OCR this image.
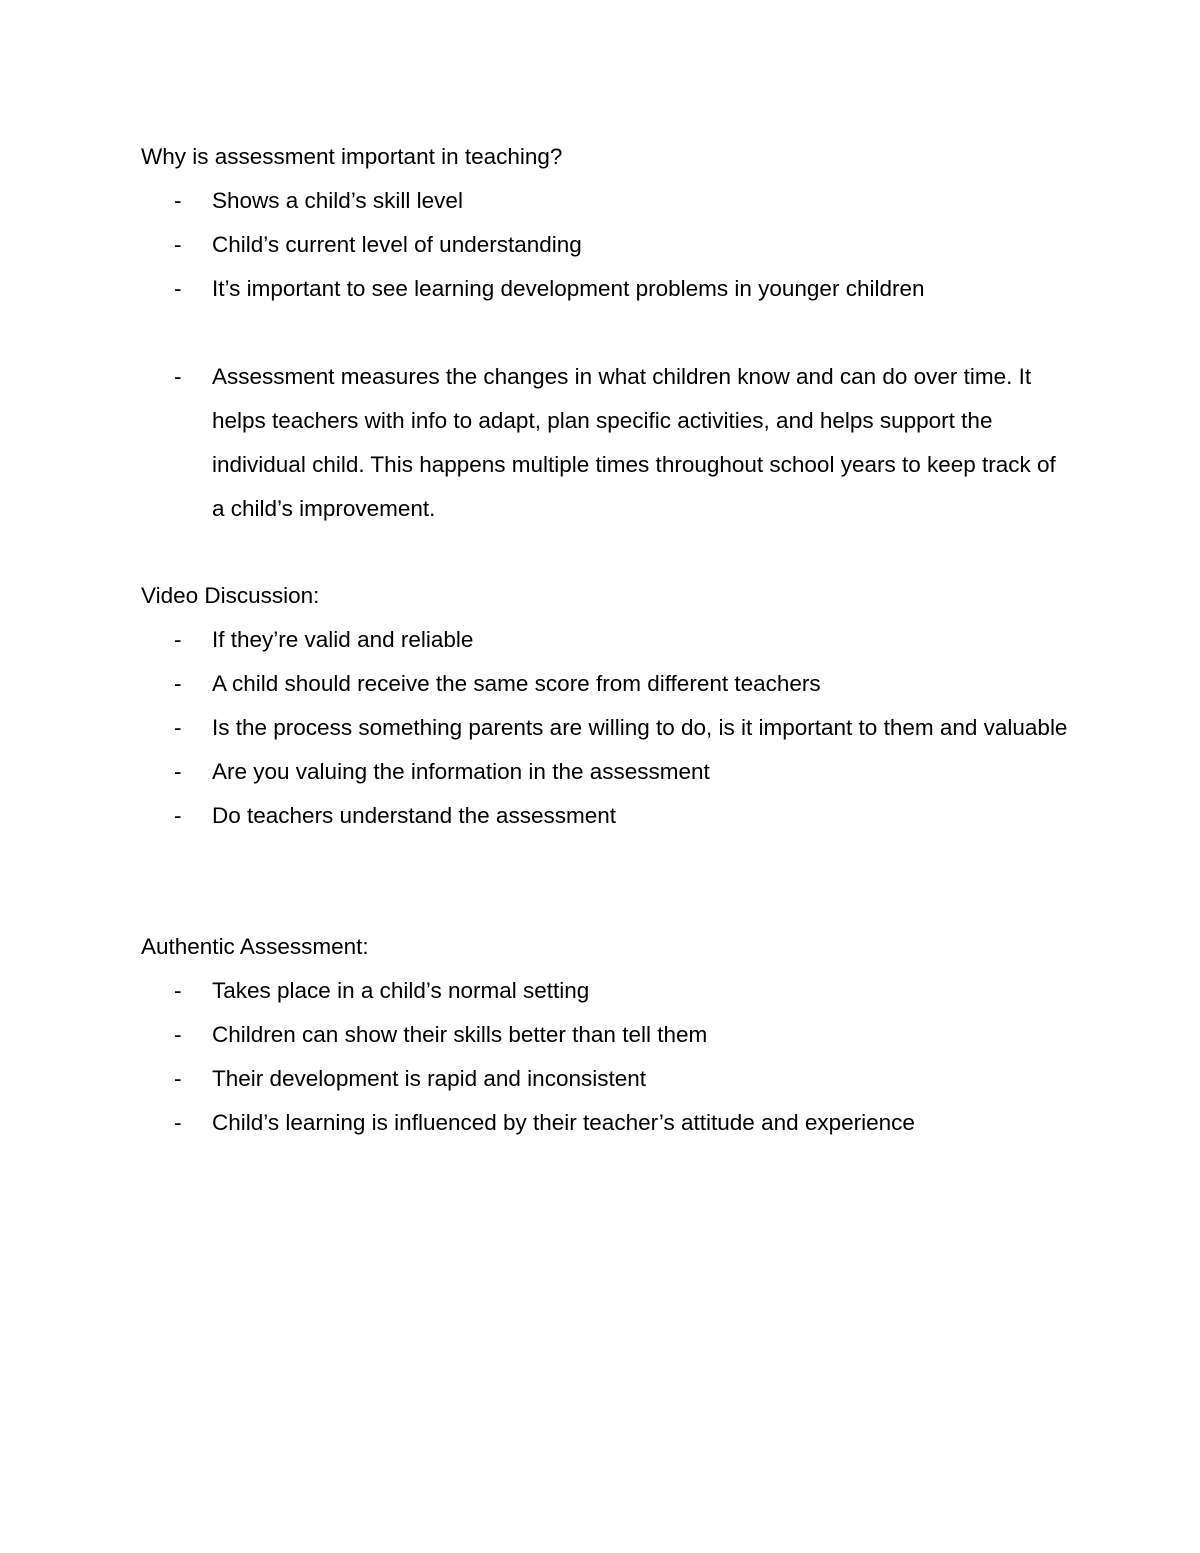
Why is assessment important in teaching?

-	Shows a child’s skill level
-	Child’s current level of understanding
-	It’s important to see learning development problems in younger children
-	Assessment measures the changes in what children know and can do over time. It helps teachers with info to adapt, plan specific activities, and helps support the individual child. This happens multiple times throughout school years to keep track of a child’s improvement.

Video Discussion:

-	If they’re valid and reliable
-	A child should receive the same score from different teachers
-	Is the process something parents are willing to do, is it important to them and valuable
-	Are you valuing the information in the assessment
-	Do teachers understand the assessment

Authentic Assessment:

-	Takes place in a child’s normal setting
-	Children can show their skills better than tell them
-	Their development is rapid and inconsistent
-	Child’s learning is influenced by their teacher’s attitude and experience
